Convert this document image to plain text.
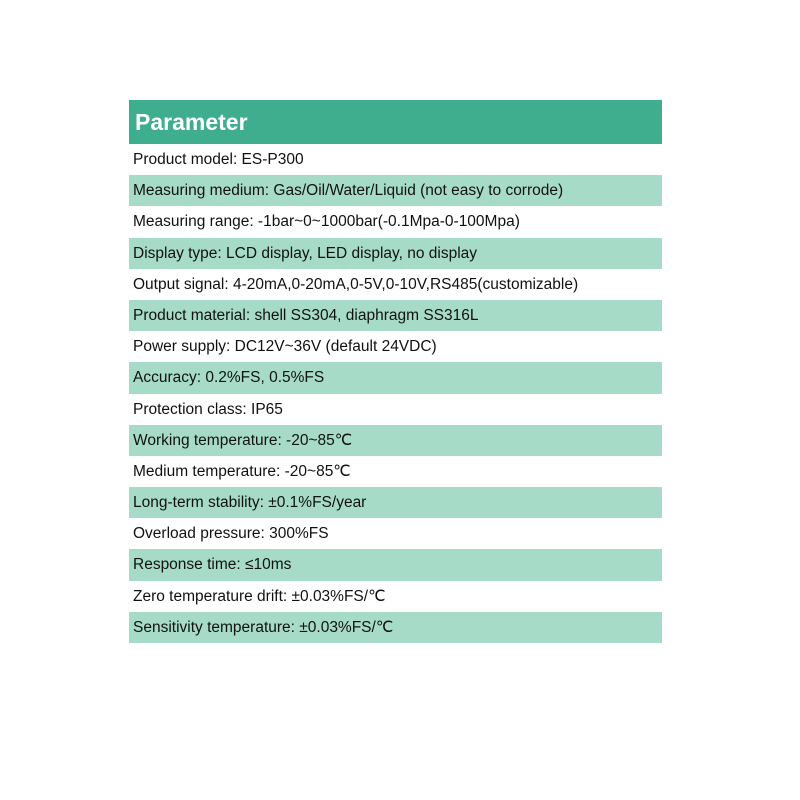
Parameter
Product model: ES-P300
Measuring medium: Gas/Oil/Water/Liquid (not easy to corrode)
Measuring range: -1bar~0~1000bar(-0.1Mpa-0-100Mpa)
Display type: LCD display, LED display, no display
Output signal: 4-20mA,0-20mA,0-5V,0-10V,RS485(customizable)
Product material: shell SS304, diaphragm SS316L
Power supply: DC12V~36V (default 24VDC)
Accuracy: 0.2%FS, 0.5%FS
Protection class: IP65
Working temperature: -20~85℃
Medium temperature: -20~85℃
Long-term stability: ±0.1%FS/year
Overload pressure: 300%FS
Response time: ≤10ms
Zero temperature drift: ±0.03%FS/℃
Sensitivity temperature: ±0.03%FS/℃
